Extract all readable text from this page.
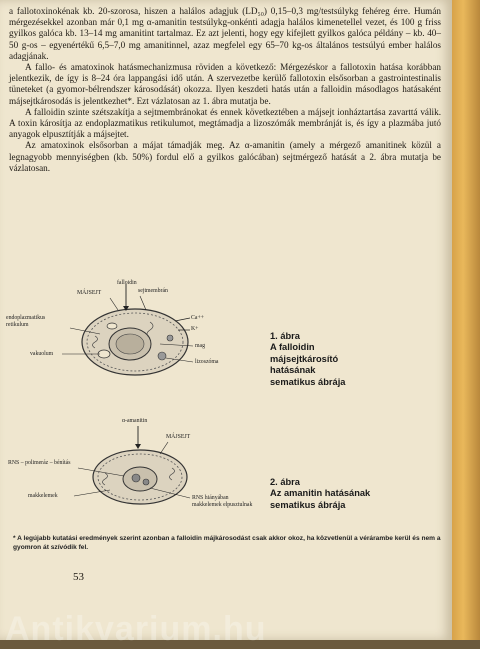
a fallotoxinokénak kb. 20-szorosa, hiszen a halálos adagjuk (LD₅₀) 0,15–0,3 mg/testsúlykg fehéreg érre. Humán mérgezésekkel azonban már 0,1 mg α-amanitin testsúlykg-onkénti adagja halálos kimenetellel vezet, és 100 g friss gyilkos galóca kb. 13–14 mg amanitint tartalmaz. Ez azt jelenti, hogy egy kifejlett gyilkos galóca példány – kb. 40–50 g-os – egyenértékű 6,5–7,0 mg amanitinnel, azaz megfelel egy 65–70 kg-os általános testsúlyú ember halálos adagjának.

A fallo- és amatoxinok hatásmechanizmusa röviden a következő: Mérgezéskor a fallotoxin hatása korábban jelentkezik, de így is 8–24 óra lappangási idő után. A szervezetbe kerülő fallotoxin elsősorban a gastrointestinalis tüneteket (a gyomor-bélrendszer károsodását) okozza. Ilyen keszdeti hatás után a falloidin másodlagos hatásaként májsejtkárosodás is jelentkezhet*. Ezt vázlatosan az 1. ábra mutatja be.

A falloidin szinte szétszakítja a sejtmembránokat és ennek következtében a májsejt ionháztartása zavarttá válik. A toxin károsítja az endoplazmatikus retikulumot, megtámadja a lizoszómák membránját is, és így a plazmába jutó anyagok elpusztítják a májsejtet.

Az amatoxinok elsősorban a májat támadják meg. Az α-amanitin (amely a mérgező amanitinek közül a legnagyobb mennyiségben (kb. 50%) fordul elő a gyilkos galócában) sejtmérgező hatását a 2. ábra mutatja be vázlatosan.

falloidin
MÁJSEJT	sejtmembrán
endoplazmatikus retikulum
Ca++
K+
mag
vakuolum
lizoszóma
1. ábra
A falloidin
májsejtkárosító
hatásának
sematikus ábrája
α-amanitin
MÁJSEJT
RNS – polimeráz – bénítás
makkelemek	RNS hiányában makkelemek elpusztulnak
2. ábra
Az amanitin hatásának
sematikus ábrája
* A legújabb kutatási eredmények szerint azonban a falloidin májkárosodást csak akkor okoz, ha közvetlenül a vérárambe kerül és nem a gyomron át szívódik fel.
53
Antikvarium.hu
